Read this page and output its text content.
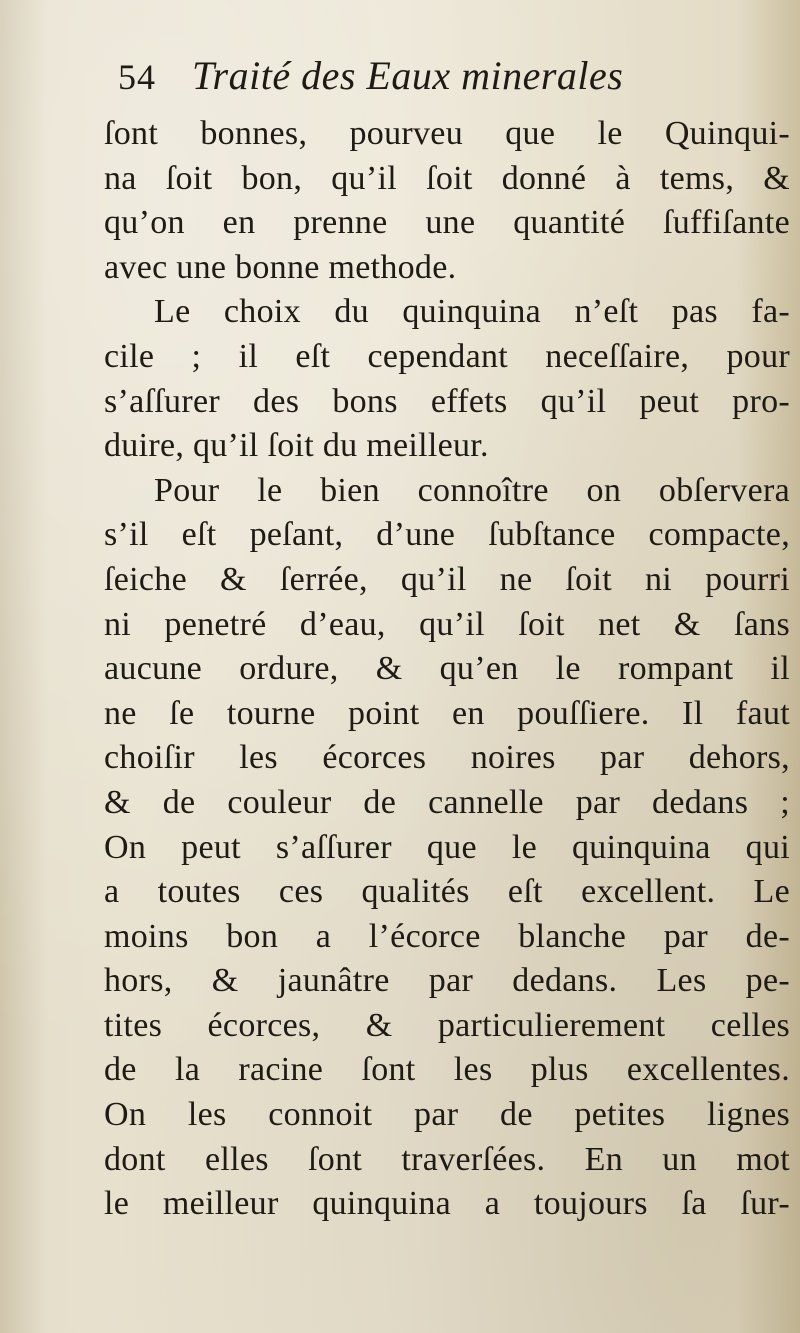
54 Traité des Eaux minerales
ſont bonnes, pourveu que le Quinqui-
na ſoit bon, qu’il ſoit donné à tems, &
qu’on en prenne une quantité ſuffiſante
avec une bonne methode.
Le choix du quinquina n’eſt pas fa-
cile ; il eſt cependant neceſſaire, pour
s’aſſurer des bons effets qu’il peut pro-
duire, qu’il ſoit du meilleur.
Pour le bien connoître on obſervera
s’il eſt peſant, d’une ſubſtance compacte,
ſeiche & ſerrée, qu’il ne ſoit ni pourri
ni penetré d’eau, qu’il ſoit net & ſans
aucune ordure, & qu’en le rompant il
ne ſe tourne point en pouſſiere. Il faut
choiſir les écorces noires par dehors,
& de couleur de cannelle par dedans ;
On peut s’aſſurer que le quinquina qui
a toutes ces qualités eſt excellent. Le
moins bon a l’écorce blanche par de-
hors, & jaunâtre par dedans. Les pe-
tites écorces, & particulierement celles
de la racine ſont les plus excellentes.
On les connoit par de petites lignes
dont elles ſont traverſées. En un mot
le meilleur quinquina a toujours ſa ſur-
